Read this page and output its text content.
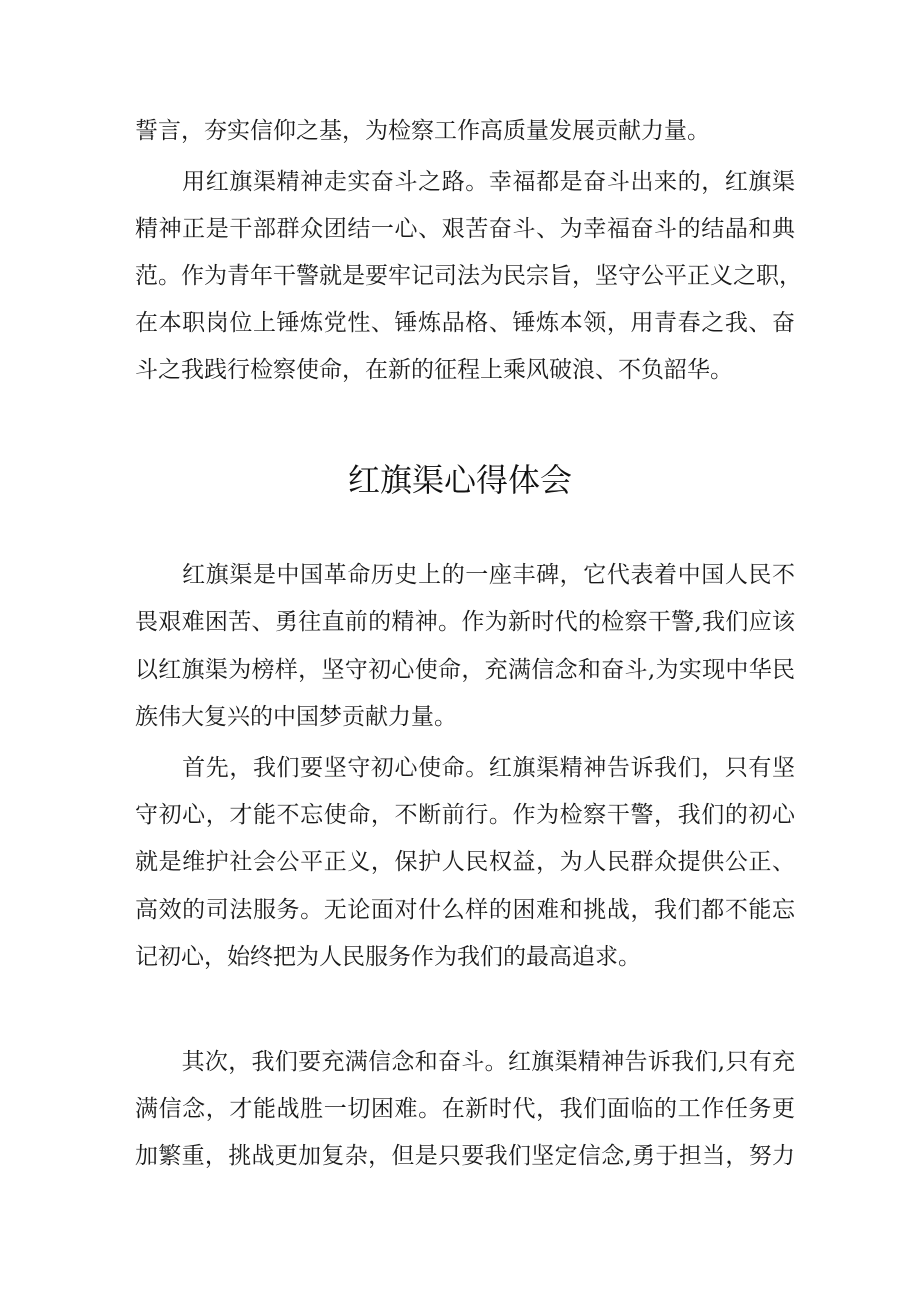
誓言，夯实信仰之基，为检察工作高质量发展贡献力量。
　　用红旗渠精神走实奋斗之路。幸福都是奋斗出来的，红旗渠
精神正是干部群众团结一心、艰苦奋斗、为幸福奋斗的结晶和典
范。作为青年干警就是要牢记司法为民宗旨，坚守公平正义之职，
在本职岗位上锤炼党性、锤炼品格、锤炼本领，用青春之我、奋
斗之我践行检察使命，在新的征程上乘风破浪、不负韶华。
红旗渠心得体会
　　红旗渠是中国革命历史上的一座丰碑，它代表着中国人民不
畏艰难困苦、勇往直前的精神。作为新时代的检察干警,我们应该
以红旗渠为榜样，坚守初心使命，充满信念和奋斗,为实现中华民
族伟大复兴的中国梦贡献力量。
　　首先，我们要坚守初心使命。红旗渠精神告诉我们，只有坚
守初心，才能不忘使命，不断前行。作为检察干警，我们的初心
就是维护社会公平正义，保护人民权益，为人民群众提供公正、
高效的司法服务。无论面对什么样的困难和挑战，我们都不能忘
记初心，始终把为人民服务作为我们的最高追求。
　　其次，我们要充满信念和奋斗。红旗渠精神告诉我们,只有充
满信念，才能战胜一切困难。在新时代，我们面临的工作任务更
加繁重，挑战更加复杂，但是只要我们坚定信念,勇于担当，努力
